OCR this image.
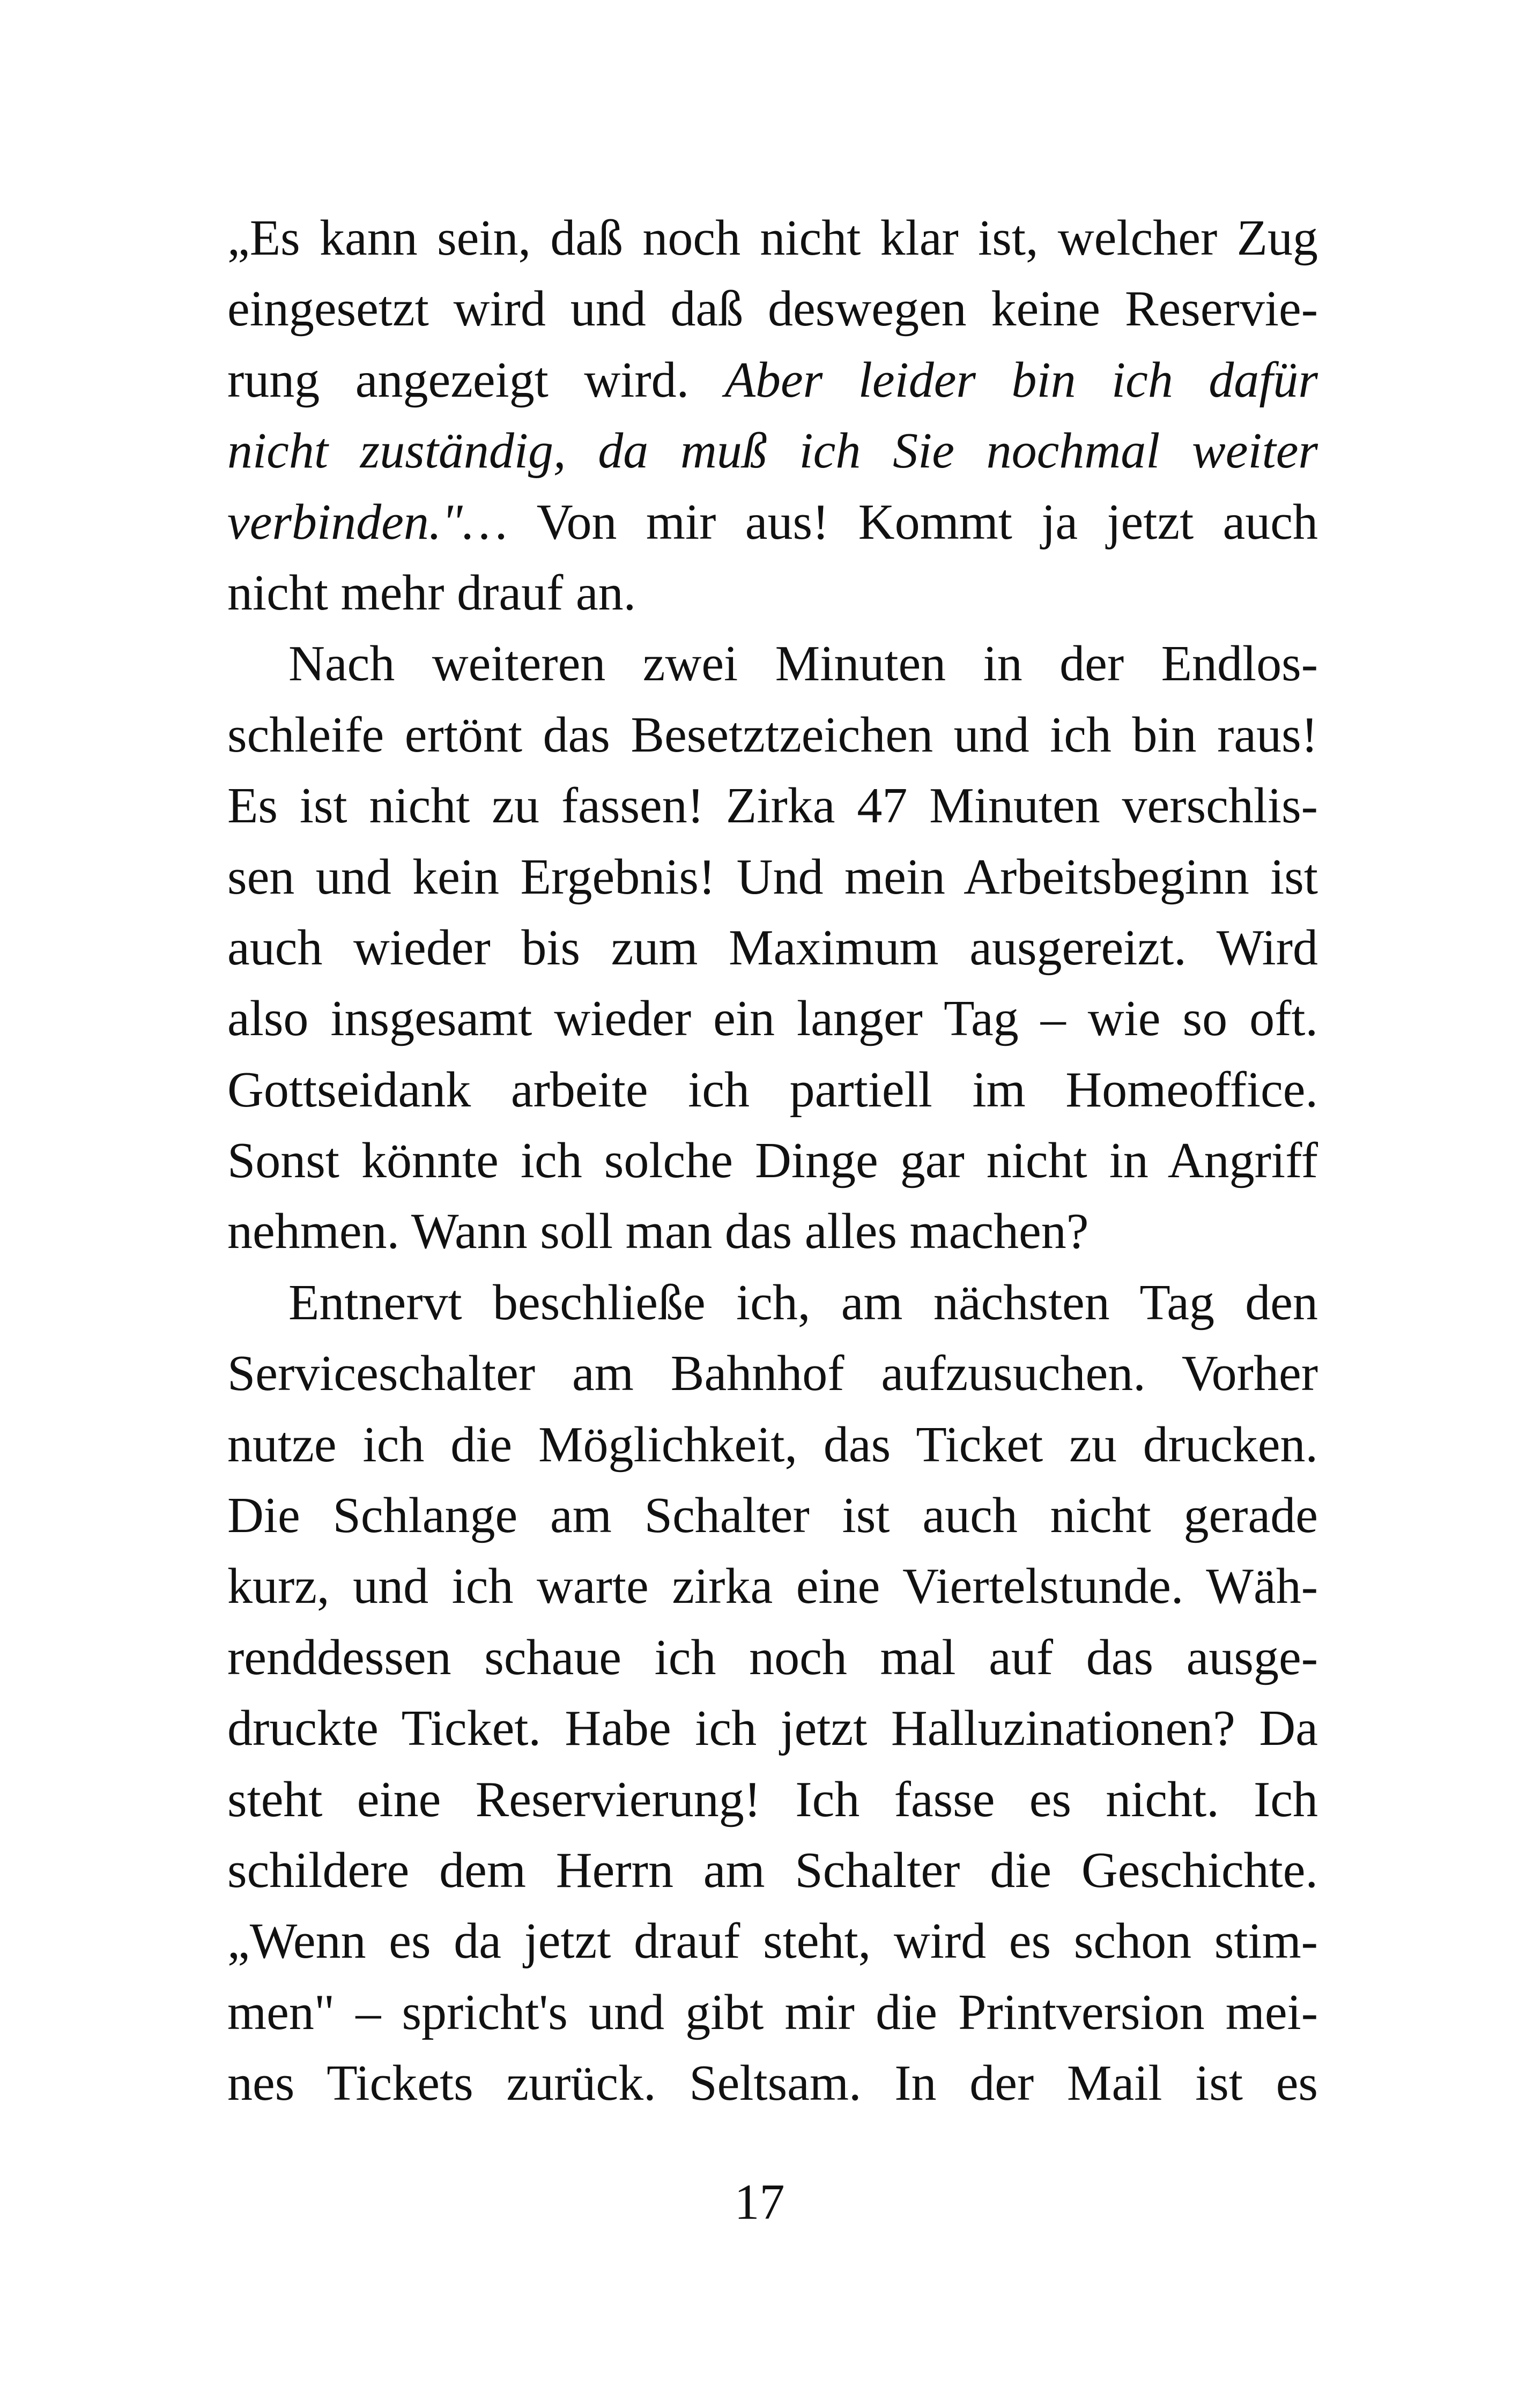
„Es kann sein, daß noch nicht klar ist, welcher Zug
eingesetzt wird und daß deswegen keine Reservie-
rung angezeigt wird. Aber leider bin ich dafür
nicht zuständig, da muß ich Sie nochmal weiter
verbinden."… Von mir aus! Kommt ja jetzt auch
nicht mehr drauf an.
Nach weiteren zwei Minuten in der Endlos-
schleife ertönt das Besetztzeichen und ich bin raus!
Es ist nicht zu fassen! Zirka 47 Minuten verschlis-
sen und kein Ergebnis! Und mein Arbeitsbeginn ist
auch wieder bis zum Maximum ausgereizt. Wird
also insgesamt wieder ein langer Tag – wie so oft.
Gottseidank arbeite ich partiell im Homeoffice.
Sonst könnte ich solche Dinge gar nicht in Angriff
nehmen. Wann soll man das alles machen?
Entnervt beschließe ich, am nächsten Tag den
Serviceschalter am Bahnhof aufzusuchen. Vorher
nutze ich die Möglichkeit, das Ticket zu drucken.
Die Schlange am Schalter ist auch nicht gerade
kurz, und ich warte zirka eine Viertelstunde. Wäh-
renddessen schaue ich noch mal auf das ausge-
druckte Ticket. Habe ich jetzt Halluzinationen? Da
steht eine Reservierung! Ich fasse es nicht. Ich
schildere dem Herrn am Schalter die Geschichte.
„Wenn es da jetzt drauf steht, wird es schon stim-
men" – spricht's und gibt mir die Printversion mei-
nes Tickets zurück. Seltsam. In der Mail ist es
17
